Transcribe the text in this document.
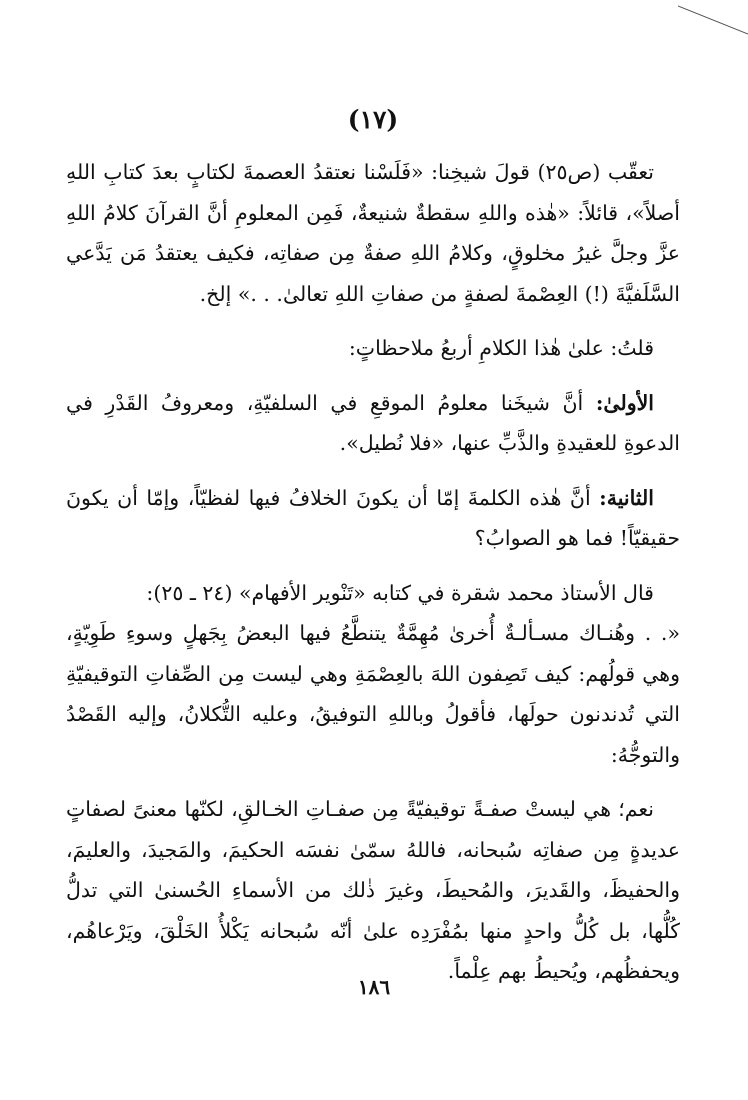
(١٧)

تعقّب (ص٢٥) قولَ شيخِنا: «فَلَسْنا نعتقدُ العصمةَ لكتابٍ بعدَ كتابِ اللهِ أصلاً»، قائلاً: «هٰذه واللهِ سقطةٌ شنيعةٌ، فَمِن المعلومِ أنَّ القرآنَ كلامُ اللهِ عزَّ وجلَّ غيرُ مخلوقٍ، وكلامُ اللهِ صفةٌ مِن صفاتِه، فكيف يعتقدُ مَن يَدَّعي السَّلَفيَّةَ (!) العِصْمةَ لصفةٍ من صفاتِ اللهِ تعالىٰ. . .» إلخ.

قلتُ: علىٰ هٰذا الكلامِ أربعُ ملاحظاتٍ:

الأولىٰ: أنَّ شيخَنا معلومُ الموقعِ في السلفيّةِ، ومعروفُ القَدْرِ في الدعوةِ للعقيدةِ والذَّبِّ عنها، «فلا نُطيل».

الثانية: أنَّ هٰذه الكلمةَ إمّا أن يكونَ الخلافُ فيها لفظيّاً، وإمّا أن يكونَ حقيقيّاً! فما هو الصوابُ؟

قال الأستاذ محمد شقرة في كتابه «تَنْوير الأفهام» (٢٤ ـ ٢٥):

«. . وهُنـاك مسـألـةٌ أُخرىٰ مُهِمَّةٌ يتنطَّعُ فيها البعضُ بِجَهلٍ وسوءِ طَوِيّةٍ، وهي قولُهم: كيف تَصِفون اللهَ بالعِصْمَةِ وهي ليست مِن الصِّفاتِ التوقيفيّةِ التي تُدندنون حولَها، فأقولُ وباللهِ التوفيقُ، وعليه التُّكلانُ، وإليه القَصْدُ والتوجُّهُ:

نعم؛ هي ليستْ صفـةً توقيفيّةً مِن صفـاتِ الخـالقِ، لكنّها معنىً لصفاتٍ عديدةٍ مِن صفاتِه سُبحانه، فاللهُ سمّىٰ نفسَه الحكيمَ، والمَجيدَ، والعليمَ، والحفيظَ، والقَديرَ، والمُحيطَ، وغيرَ ذٰلك من الأسماءِ الحُسنىٰ التي تدلُّ كُلُّها، بل كُلُّ واحدٍ منها بمُفْرَدِه علىٰ أنّه سُبحانه يَكْلأُ الخَلْقَ، ويَرْعاهُم، ويحفظُهم، ويُحيطُ بهم عِلْماً.

١٨٦
